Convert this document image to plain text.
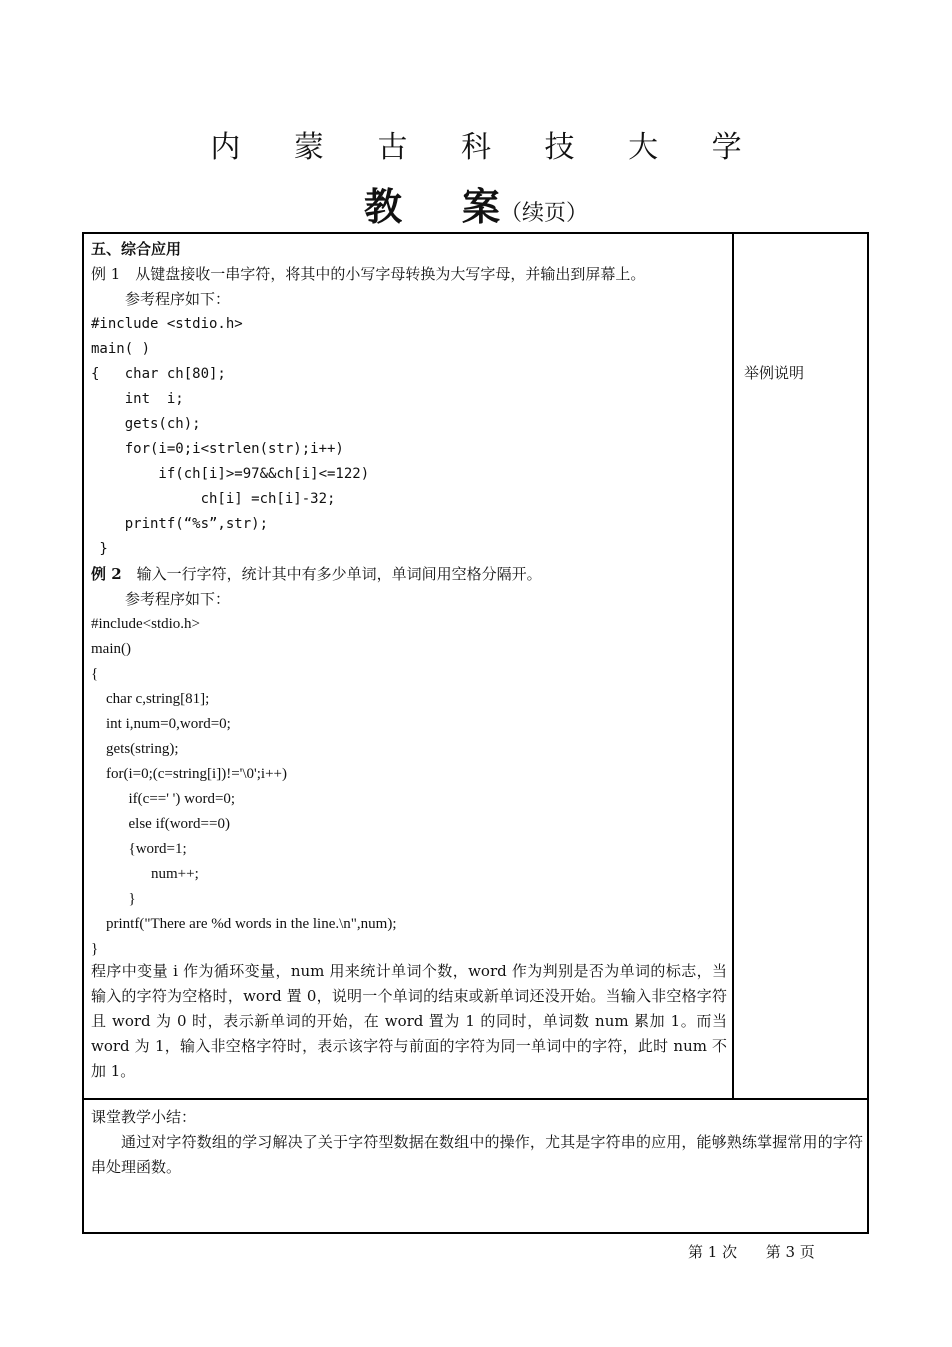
内 蒙 古 科 技 大 学
教 案（续页）
五、综合应用
例 1　从键盘接收一串字符，将其中的小写字母转换为大写字母，并输出到屏幕上。
参考程序如下：
#include <stdio.h>
main( )
{   char ch[80];
int  i;
gets(ch);
for(i=0;i<strlen(str);i++)
if(ch[i]>=97&&ch[i]<=122)
ch[i] =ch[i]-32;
printf(“%s”,str);
}
例 2　输入一行字符，统计其中有多少单词，单词间用空格分隔开。
参考程序如下：
#include<stdio.h>
main()
{
char c,string[81];
int i,num=0,word=0;
gets(string);
for(i=0;(c=string[i])!='\0';i++)
if(c==' ') word=0;
else if(word==0)
{word=1;
num++;
}
printf("There are %d words in the line.\n",num);
}
程序中变量 i 作为循环变量，num 用来统计单词个数，word 作为判别是否为单词的标志，当输入的字符为空格时，word 置 0，说明一个单词的结束或新单词还没开始。当输入非空格字符且 word 为 0 时，表示新单词的开始，在 word 置为 1 的同时，单词数 num 累加 1。而当 word 为 1，输入非空格字符时，表示该字符与前面的字符为同一单词中的字符，此时 num 不加 1。
举例说明
课堂教学小结：
通过对字符数组的学习解决了关于字符型数据在数组中的操作，尤其是字符串的应用，能够熟练掌握常用的字符串处理函数。
第 1 次 第 3 页
